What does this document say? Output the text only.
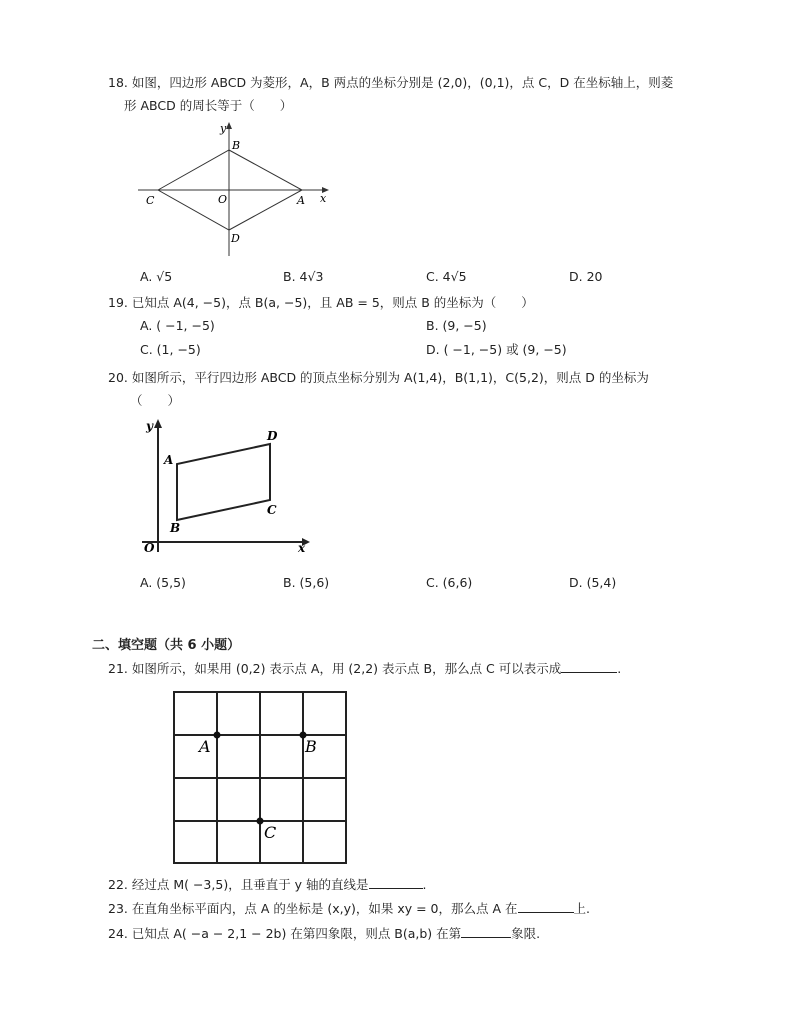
18. 如图，四边形 ABCD 为菱形，A，B 两点的坐标分别是 (2,0)，(0,1)，点 C，D 在坐标轴上，则菱
形 ABCD 的周长等于（　　）
y
x
B
C	O	A
D
A. √5	B. 4√3	C. 4√5	D. 20
19. 已知点 A(4, −5)，点 B(a, −5)，且 AB = 5，则点 B 的坐标为（　　）
A. ( −1, −5)	B. (9, −5)
C. (1, −5)	D. ( −1, −5) 或 (9, −5)
20. 如图所示，平行四边形 ABCD 的顶点坐标分别为 A(1,4)，B(1,1)，C(5,2)，则点 D 的坐标为
（　　）
y
x
O
A
B
C
D
A. (5,5)	B. (5,6)	C. (6,6)	D. (5,4)
二、填空题（共 6 小题）
21. 如图所示，如果用 (0,2) 表示点 A，用 (2,2) 表示点 B，那么点 C 可以表示成	.
A	B
C
22. 经过点 M( −3,5)，且垂直于 y 轴的直线是	.
23. 在直角坐标平面内，点 A 的坐标是 (x,y)，如果 xy = 0，那么点 A 在	上.
24. 已知点 A( −a − 2,1 − 2b) 在第四象限，则点 B(a,b) 在第	象限.
